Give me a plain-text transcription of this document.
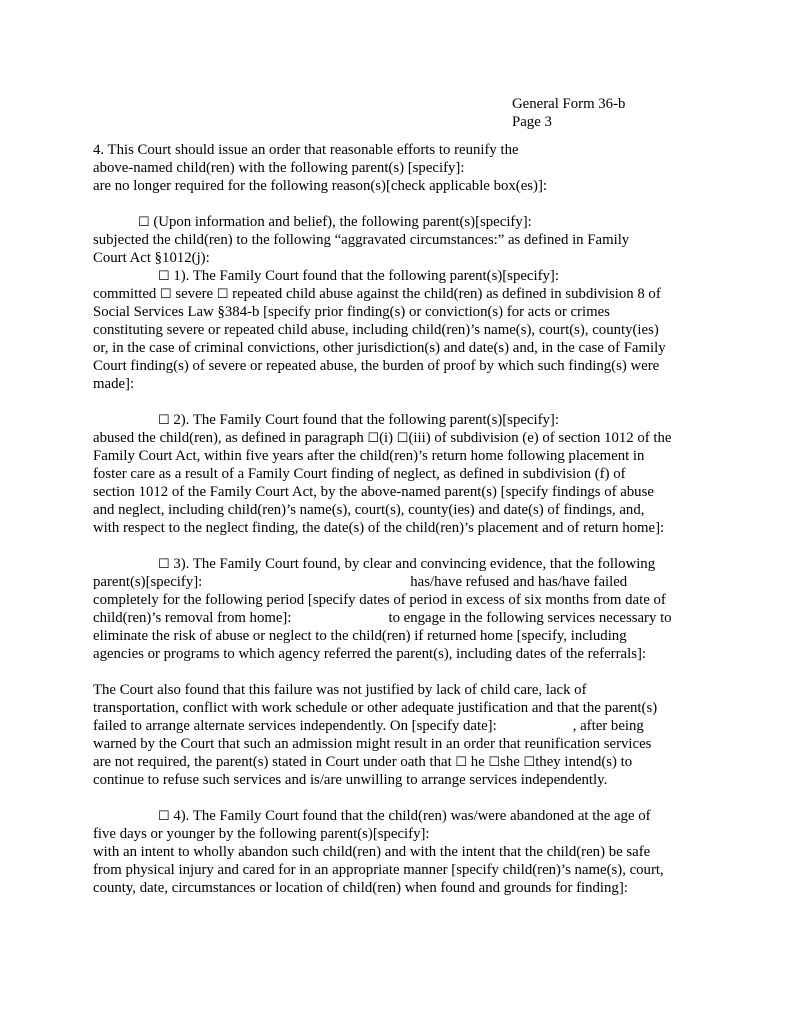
General Form 36-b
Page 3
4. This Court should issue an order that reasonable efforts to reunify the
above-named child(ren) with the following parent(s) [specify]:
are no longer required for the following reason(s)[check applicable box(es)]:
☐ (Upon information and belief), the following parent(s)[specify]:
subjected the child(ren) to the following “aggravated circumstances:” as defined in Family
Court Act §1012(j):
☐ 1). The Family Court found that the following parent(s)[specify]:
committed ☐ severe ☐ repeated child abuse against the child(ren) as defined in subdivision 8 of
Social Services Law §384-b [specify prior finding(s) or conviction(s) for acts or crimes
constituting severe or repeated child abuse, including child(ren)’s name(s), court(s), county(ies)
or, in the case of criminal convictions, other jurisdiction(s) and date(s) and, in the case of Family
Court finding(s) of severe or repeated abuse, the burden of proof by which such finding(s) were
made]:
☐ 2). The Family Court found that the following parent(s)[specify]:
abused the child(ren), as defined in paragraph ☐(i) ☐(iii) of subdivision (e) of section 1012 of the
Family Court Act, within five years after the child(ren)’s return home following placement in
foster care as a result of a Family Court finding of neglect, as defined in subdivision (f) of
section 1012 of the Family Court Act, by the above-named parent(s) [specify findings of abuse
and neglect, including child(ren)’s name(s), court(s), county(ies) and date(s) of findings, and,
with respect to the neglect finding, the date(s) of the child(ren)’s placement and of return home]:
☐ 3). The Family Court found, by clear and convincing evidence, that the following
parent(s)[specify]:	has/have refused and has/have failed
completely for the following period [specify dates of period in excess of six months from date of
child(ren)’s removal from home]:	to engage in the following services necessary to
eliminate the risk of abuse or neglect to the child(ren) if returned home [specify, including
agencies or programs to which agency referred the parent(s), including dates of the referrals]:
The Court also found that this failure was not justified by lack of child care, lack of
transportation, conflict with work schedule or other adequate justification and that the parent(s)
failed to arrange alternate services independently. On [specify date]:	, after being
warned by the Court that such an admission might result in an order that reunification services
are not required, the parent(s) stated in Court under oath that ☐ he ☐she ☐they intend(s) to
continue to refuse such services and is/are unwilling to arrange services independently.
☐ 4). The Family Court found that the child(ren) was/were abandoned at the age of
five days or younger by the following parent(s)[specify]:
with an intent to wholly abandon such child(ren) and with the intent that the child(ren) be safe
from physical injury and cared for in an appropriate manner [specify child(ren)’s name(s), court,
county, date, circumstances or location of child(ren) when found and grounds for finding]:
